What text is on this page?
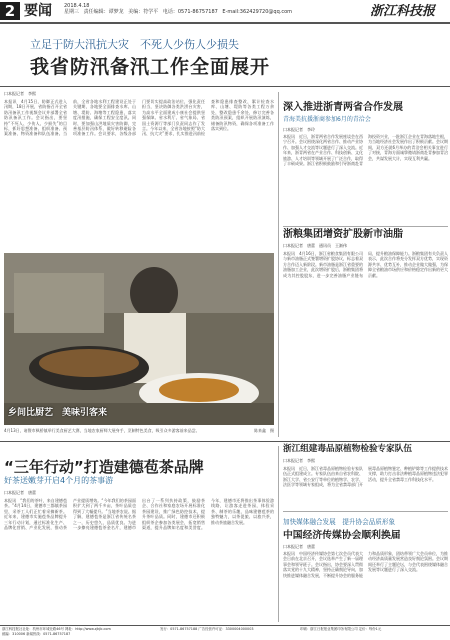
2 要闻 2018.4.18
星期三 责任编辑：谭梦龙 美编：符学平 电话：0571-86757187 E-mail:362429720@qq.com	浙江科技报
立足于防大汛抗大灾　不死人少伤人少损失
我省防汛备汛工作全面展开
口本报记者　李熙
本报讯　4月15日，防御正式进入汛期，18日开展，省防指召开全省防汛备汛工作视频会议并部署全省防汛备汛工作。会议指出，要坚持“不死人、少伤人、少损失”的目标，抓好思想准备、组织准备、预案准备、物资准备和队伍准备。当前，全省各地水利工程建设正处于关键期，各地要全面排查水库、山塘、堤防、海塘等工程隐患，落实度汛措施，确保工程安全度汛。同时，要加强山洪地质灾害防御，完善基层防汛体系，做好转移避险各项准备工作。会议要求，各级各部门要切实提高政治站位，强化责任担当，坚决防御各类洪涝台灾害，为高水平全面建成小康社会提供坚强保障。省水利厅、省气象局、省国土资源厅等部门负责同志作了发言。今年以来，全省各地按照“防大汛、抗大灾”要求，扎实推进汛前检查和隐患排查整改，累计检查水库、山塘、堤防等各类工程万余处，整改隐患千余处，修订完善各类防汛预案，组织开展防汛演练，储备防汛物资，确保各项准备工作落实到位。
乡间比厨艺　美味引客来
4月13日，诸暨市枫桥镇举行美食厨艺大赛，当地农家厨师大展身手，烹制特色美食，吸引众多游客前来品尝。	陈来鑫　摄
深入推进浙青两省合作发展
青海美抗援浙商参加6月的青洽会
口本报记者　李玲
本报讯　近日，浙青两省合作发展座谈会在西宁召开。会议围绕深化两省合作、推动产业协作、加强人才交流等议题进行了深入交流。近年来，浙青两省在产业合作、科技创新、文化旅游、人才培训等领域开展了广泛合作，取得了丰硕成果。浙江省积极鼓励和引导浙商赴青海投资兴业，一批浙江企业在青海落地生根，为当地经济社会发展作出了积极贡献。会议期间，双方还就6月举办的青洽会相关事宜进行了对接，青海方面诚挚邀请浙商赴青参加青洽会，共谋发展大计，实现互利共赢。
浙粮集团增资扩股新市油脂
口本报记者　唐蕾　通讯员　王渐伟
本报讯　4月16日，浙江省粮食集团有限公司与新市油脂正式签署增资扩股协议，标志着双方合作迈入新阶段。新市油脂是浙江省重要的油脂加工企业，此次增资扩股后，浙粮集团将成为其控股股东，进一步完善油脂产业链布局，提升粮油保障能力。浙粮集团有关负责人表示，此次合作将充分发挥双方优势，实现资源共享、优势互补，推动企业做大做强，为保障全省粮油市场供应和价格稳定作出新的更大贡献。
“三年行动”打造建德苞茶品牌
好茶送嫩芽开启4个月的茶事游
口本报记者　唐蕾
本报讯　“我们的茶叶，来自建德苞茶。”4月14日，建德市三都镇茶园里，采茶工人们正忙着采摘新茶。近年来，建德市实施苞茶品牌提升三年行动计划，通过标准化生产、品牌化营销、产业化发展，推动茶产业提质增效。“今年我们的茶园面积扩大到了两千多亩，茶叶品质也得到了大幅提升。”当地茶农说。据了解，建德苞茶是浙江省传统名茶之一，历史悠久，品质优良。为进一步擦亮建德苞茶金名片，建德市出台了一系列扶持政策，鼓励茶企、合作社和家庭农场开展标准化茶园建设，推广绿色防控技术，提升茶叶品质。同时，建德市还积极组织茶企参加各类展会，拓宽销售渠道，提升品牌知名度和美誉度。今年，建德市还将推出茶事体验游线路，让游客走进茶园，体验采茶、制茶的乐趣，品味建德苞茶的独特魅力，以茶促旅、以旅兴茶，推动茶旅融合发展。
浙江组建毒品原植物检验专家队伍
口本报记者　李熙
本报讯　近日，浙江省毒品原植物检验专家队伍正式组建成立。专家队伍由来自省农科院、浙江大学、省公安厅等单位的植物学、农学、法医学等领域专家组成，将为全省禁毒部门开展毒品原植物鉴定、种植铲除等工作提供技术支撑，助力打击非法种植毒品原植物违法犯罪活动，提升全省禁毒工作科技化水平。
加快媒体融合发展　提升协会品质形象
中国经济传媒协会顺利换届
口本报记者　唐蕾
本报讯　中国经济传媒协会第七次会员代表大会日前在北京召开，会议选举产生了新一届理事会和领导班子。会议指出，协会要深入贯彻落实党的十九大精神，坚持正确舆论导向，加快推进媒体融合发展，不断提升协会的服务能力和品质形象，团结带领广大会员单位，为推动经济高质量发展营造良好舆论氛围。会议期间还举行了主题论坛，与会代表围绕媒体融合发展等议题进行了深入交流。
浙江科技报社社址：杭州市环城北路46号 网址：http://www.zjkjb.com
邮编：310006 新闻热线：0571-86757187
发行：0571-86757188 广告经营许可证：3300004000003	印刷：浙江日报报业集团印务有限公司 定价：每份1元
